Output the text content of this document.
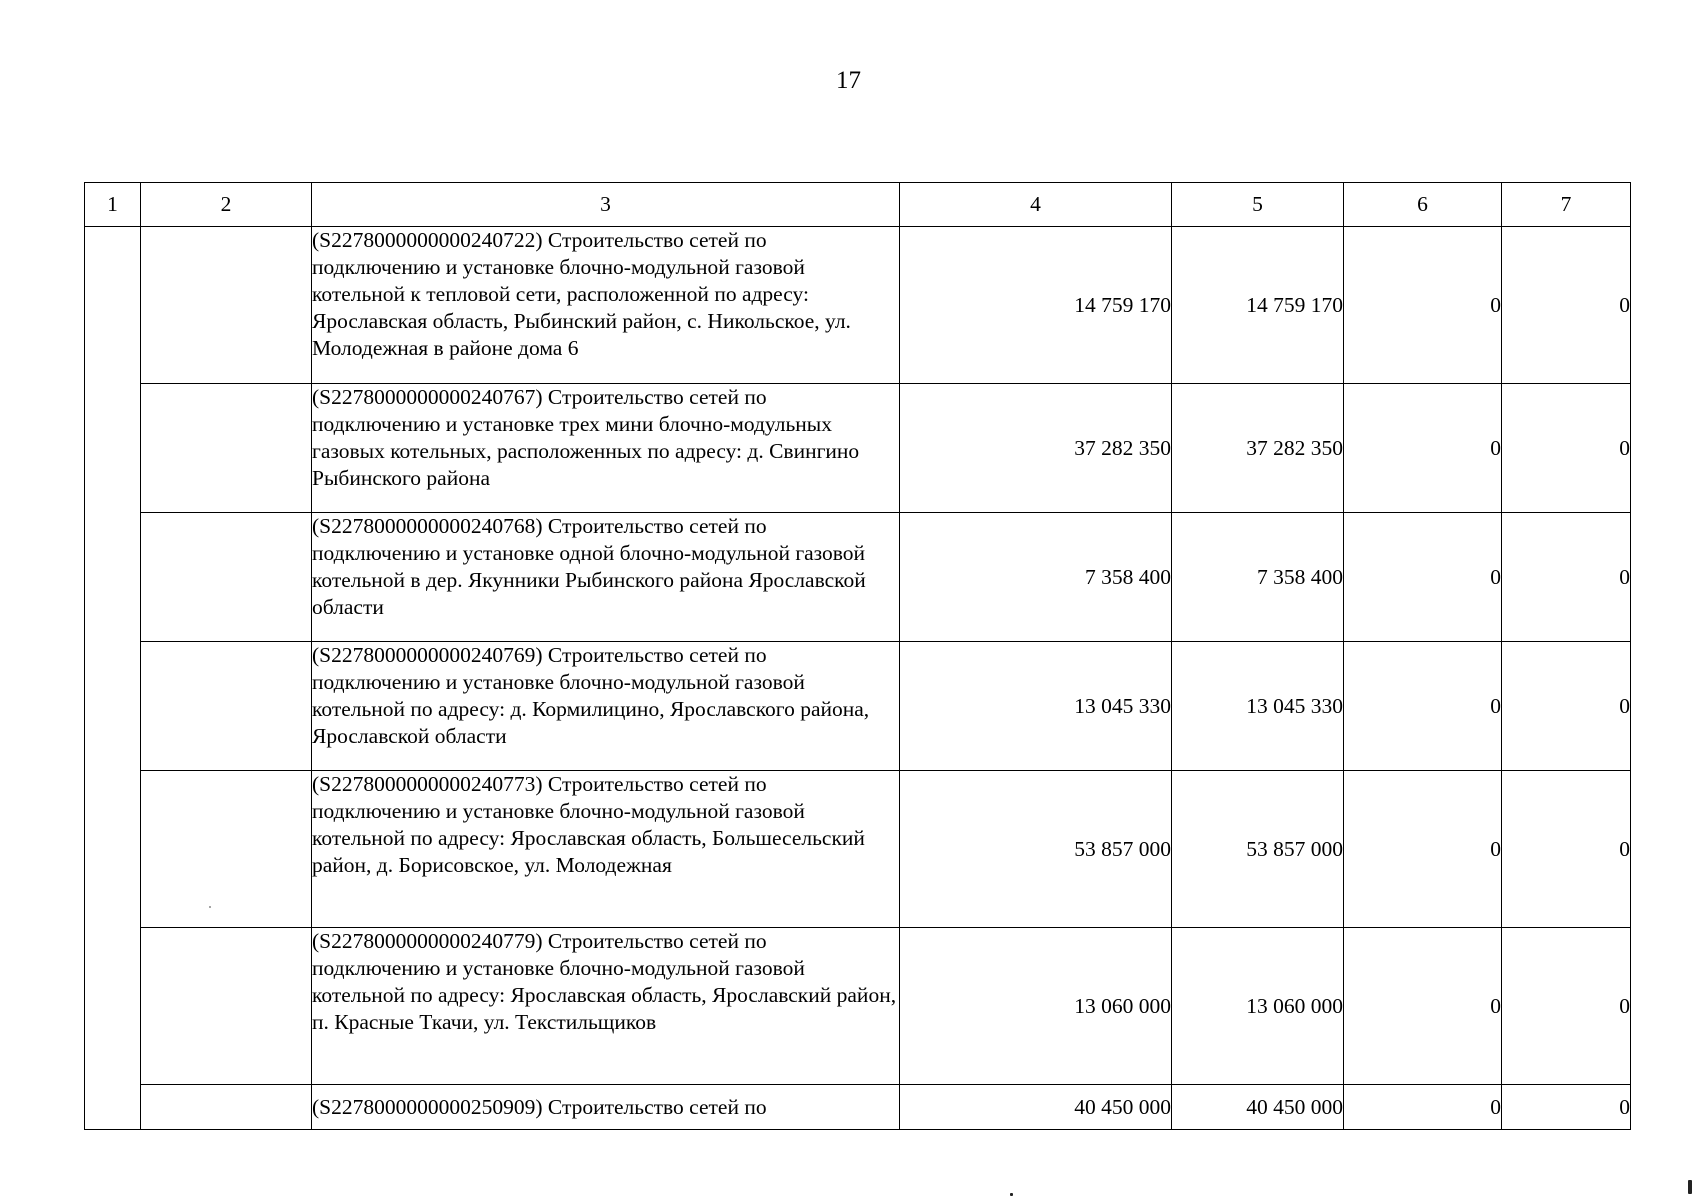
17
1	2	3	4	5	6	7
		(S2278000000000240722) Строительство сетей по подключению и установке блочно-модульной газовой котельной к тепловой сети, расположенной по адресу: Ярославская область, Рыбинский район, с. Никольское, ул. Молодежная в районе дома 6	14 759 170	14 759 170	0	0
		(S2278000000000240767) Строительство сетей по подключению и установке трех мини блочно-модульных газовых котельных, расположенных по адресу: д. Свингино Рыбинского района	37 282 350	37 282 350	0	0
		(S2278000000000240768) Строительство сетей по подключению и установке одной блочно-модульной газовой котельной в дер. Якунники Рыбинского района Ярославской области	7 358 400	7 358 400	0	0
		(S2278000000000240769) Строительство сетей по подключению и установке блочно-модульной газовой котельной по адресу: д. Кормилицино, Ярославского района, Ярославской области	13 045 330	13 045 330	0	0
		(S2278000000000240773) Строительство сетей по подключению и установке блочно-модульной газовой котельной по адресу: Ярославская область, Большесельский район, д. Борисовское, ул. Молодежная	53 857 000	53 857 000	0	0
		(S2278000000000240779) Строительство сетей по подключению и установке блочно-модульной газовой котельной по адресу: Ярославская область, Ярославский район, п. Красные Ткачи, ул. Текстильщиков	13 060 000	13 060 000	0	0
		(S2278000000000250909) Строительство сетей по	40 450 000	40 450 000	0	0
